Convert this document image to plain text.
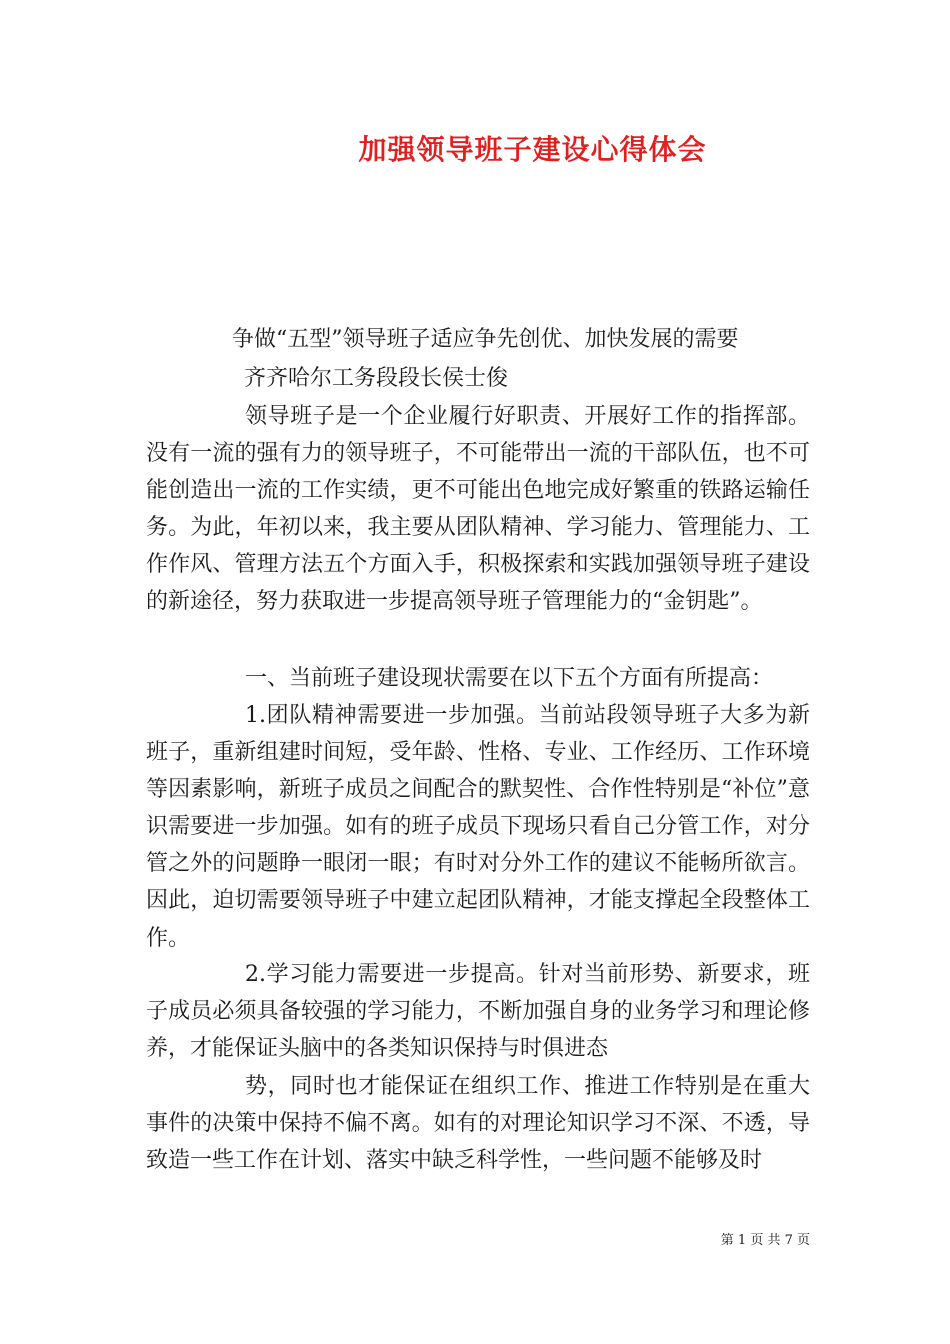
加强领导班子建设心得体会
争做“五型”领导班子适应争先创优、加快发展的需要
齐齐哈尔工务段段长侯士俊

领导班子是一个企业履行好职责、开展好工作的指挥部。没有一流的强有力的领导班子，不可能带出一流的干部队伍，也不可能创造出一流的工作实绩，更不可能出色地完成好繁重的铁路运输任务。为此，年初以来，我主要从团队精神、学习能力、管理能力、工作作风、管理方法五个方面入手，积极探索和实践加强领导班子建设的新途径，努力获取进一步提高领导班子管理能力的“金钥匙”。

一、当前班子建设现状需要在以下五个方面有所提高：

1.团队精神需要进一步加强。当前站段领导班子大多为新班子，重新组建时间短，受年龄、性格、专业、工作经历、工作环境等因素影响，新班子成员之间配合的默契性、合作性特别是“补位”意识需要进一步加强。如有的班子成员下现场只看自己分管工作，对分管之外的问题睁一眼闭一眼；有时对分外工作的建议不能畅所欲言。因此，迫切需要领导班子中建立起团队精神，才能支撑起全段整体工作。

2.学习能力需要进一步提高。针对当前形势、新要求，班子成员必须具备较强的学习能力，不断加强自身的业务学习和理论修养，才能保证头脑中的各类知识保持与时俱进态

势，同时也才能保证在组织工作、推进工作特别是在重大事件的决策中保持不偏不离。如有的对理论知识学习不深、不透，导致造一些工作在计划、落实中缺乏科学性，一些问题不能够及时

第 1 页 共 7 页
